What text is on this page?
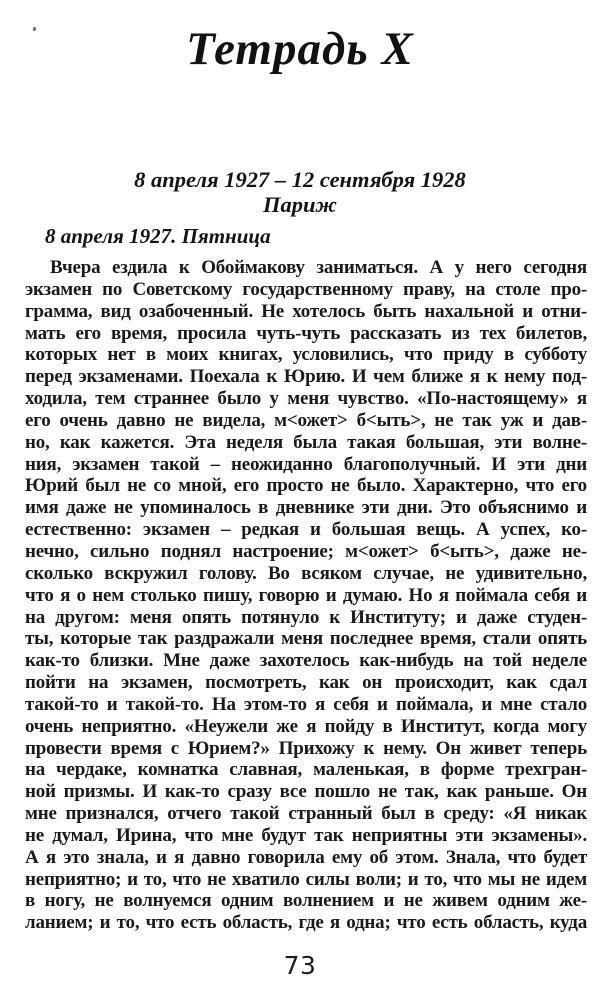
Тетрадь X
8 апреля 1927 – 12 сентября 1928
Париж
8 апреля 1927. Пятница
Вчера ездила к Обоймакову заниматься. А у него сегодня
экзамен по Советскому государственному праву, на столе про-
грамма, вид озабоченный. Не хотелось быть нахальной и отни-
мать его время, просила чуть-чуть рассказать из тех билетов,
которых нет в моих книгах, условились, что приду в субботу
перед экзаменами. Поехала к Юрию. И чем ближе я к нему под-
ходила, тем страннее было у меня чувство. «По-настоящему» я
его очень давно не видела, м<ожет> б<ыть>, не так уж и дав-
но, как кажется. Эта неделя была такая большая, эти волне-
ния, экзамен такой – неожиданно благополучный. И эти дни
Юрий был не со мной, его просто не было. Характерно, что его
имя даже не упоминалось в дневнике эти дни. Это объяснимо и
естественно: экзамен – редкая и большая вещь. А успех, ко-
нечно, сильно поднял настроение; м<ожет> б<ыть>, даже не-
сколько вскружил голову. Во всяком случае, не удивительно,
что я о нем столько пишу, говорю и думаю. Но я поймала себя и
на другом: меня опять потянуло к Институту; и даже студен-
ты, которые так раздражали меня последнее время, стали опять
как-то близки. Мне даже захотелось как-нибудь на той неделе
пойти на экзамен, посмотреть, как он происходит, как сдал
такой-то и такой-то. На этом-то я себя и поймала, и мне стало
очень неприятно. «Неужели же я пойду в Институт, когда могу
провести время с Юрием?» Прихожу к нему. Он живет теперь
на чердаке, комнатка славная, маленькая, в форме трехгран-
ной призмы. И как-то сразу все пошло не так, как раньше. Он
мне признался, отчего такой странный был в среду: «Я никак
не думал, Ирина, что мне будут так неприятны эти экзамены».
А я это знала, и я давно говорила ему об этом. Знала, что будет
неприятно; и то, что не хватило силы воли; и то, что мы не идем
в ногу, не волнуемся одним волнением и не живем одним же-
ланием; и то, что есть область, где я одна; что есть область, куда
73
